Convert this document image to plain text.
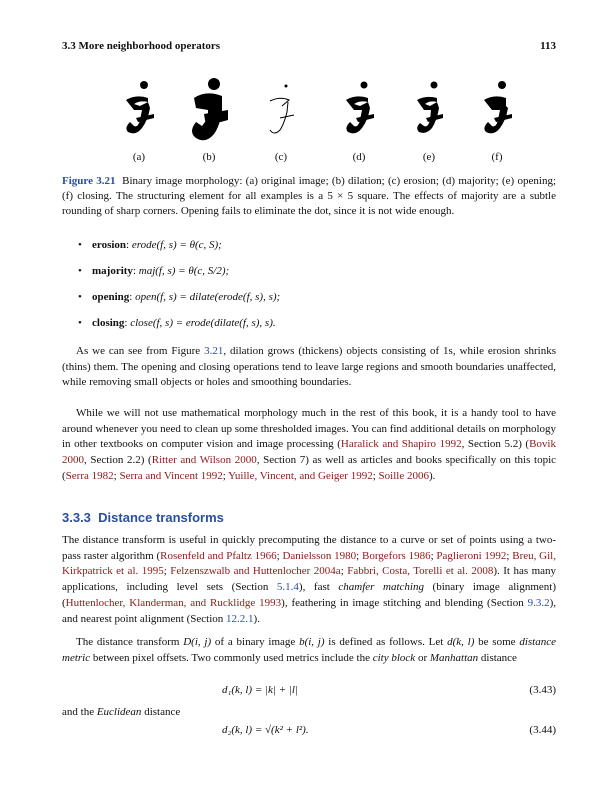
3.3 More neighborhood operators	113
(a)	(b)	(c)	(d)	(e)	(f)
Figure 3.21 Binary image morphology: (a) original image; (b) dilation; (c) erosion; (d) majority; (e) opening; (f) closing. The structuring element for all examples is a 5 × 5 square. The effects of majority are a subtle rounding of sharp corners. Opening fails to eliminate the dot, since it is not wide enough.
• erosion: erode(f, s) = θ(c, S);
• majority: maj(f, s) = θ(c, S/2);
• opening: open(f, s) = dilate(erode(f, s), s);
• closing: close(f, s) = erode(dilate(f, s), s).
As we can see from Figure 3.21, dilation grows (thickens) objects consisting of 1s, while erosion shrinks (thins) them. The opening and closing operations tend to leave large regions and smooth boundaries unaffected, while removing small objects or holes and smoothing boundaries.
While we will not use mathematical morphology much in the rest of this book, it is a handy tool to have around whenever you need to clean up some thresholded images. You can find additional details on morphology in other textbooks on computer vision and image processing (Haralick and Shapiro 1992, Section 5.2) (Bovik 2000, Section 2.2) (Ritter and Wilson 2000, Section 7) as well as articles and books specifically on this topic (Serra 1982; Serra and Vincent 1992; Yuille, Vincent, and Geiger 1992; Soille 2006).
3.3.3 Distance transforms
The distance transform is useful in quickly precomputing the distance to a curve or set of points using a two-pass raster algorithm (Rosenfeld and Pfaltz 1966; Danielsson 1980; Borgefors 1986; Paglieroni 1992; Breu, Gil, Kirkpatrick et al. 1995; Felzenszwalb and Huttenlocher 2004a; Fabbri, Costa, Torelli et al. 2008). It has many applications, including level sets (Section 5.1.4), fast chamfer matching (binary image alignment) (Huttenlocher, Klanderman, and Rucklidge 1993), feathering in image stitching and blending (Section 9.3.2), and nearest point alignment (Section 12.2.1).
The distance transform D(i, j) of a binary image b(i, j) is defined as follows. Let d(k, l) be some distance metric between pixel offsets. Two commonly used metrics include the city block or Manhattan distance
d₁(k, l) = |k| + |l|	(3.43)
and the Euclidean distance
d₂(k, l) = √(k² + l²).	(3.44)
